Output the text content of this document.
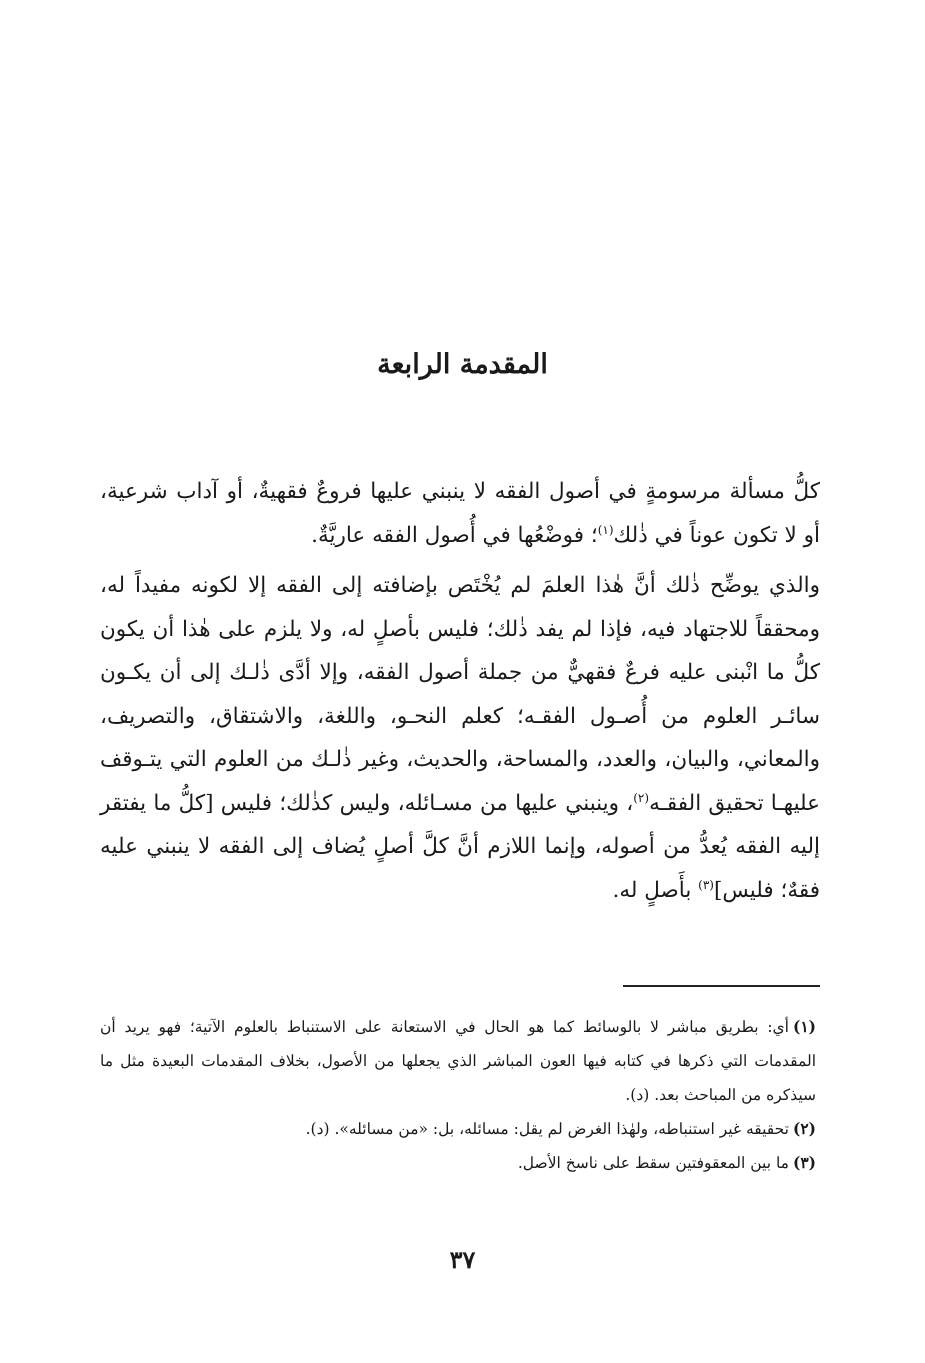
المقدمة الرابعة

كلُّ مسألة مرسومةٍ في أصول الفقه لا ينبني عليها فروعٌ فقهيةٌ، أو آداب شرعية، أو لا تكون عوناً في ذٰلك$^{(١)}$؛ فوضْعُها في أُصول الفقه عاريَّةٌ.

والذي يوضِّح ذٰلك أنَّ هٰذا العلمَ لم يُخْتَص بإضافته إلى الفقه إلا لكونه مفيداً له، ومحققاً للاجتهاد فيه، فإذا لم يفد ذٰلك؛ فليس بأصلٍ له، ولا يلزم على هٰذا أن يكون كلُّ ما انْبنى عليه فرعٌ فقهيٌّ من جملة أصول الفقه، وإلا أدَّى ذٰلـك إلى أن يكـون سائـر العلوم من أُصـول الفقـه؛ كعلم النحـو، واللغة، والاشتقاق، والتصريف، والمعاني، والبيان، والعدد، والمساحة، والحديث، وغير ذٰلـك من العلوم التي يتـوقف عليهـا تحقيق الفقـه$^{(٢)}$، وينبني عليها من مسـائله، وليس كذٰلك؛ فليس [كلُّ ما يفتقر إليه الفقه يُعدُّ من أصوله، وإنما اللازم أنَّ كلَّ أصلٍ يُضاف إلى الفقه لا ينبني عليه فقهٌ؛ فليس]$^{(٣)}$ بأَصلٍ له.

(١)أي: بطريق مباشر لا بالوسائط كما هو الحال في الاستعانة على الاستنباط بالعلوم الآتية؛ فهو يريد أن المقدمات التي ذكرها في كتابه فيها العون المباشر الذي يجعلها من الأصول، بخلاف المقدمات البعيدة مثل ما سيذكره من المباحث بعد. (د).

(٢)تحقيقه غير استنباطه، ولهٰذا الغرض لم يقل: مسائله، بل: «من مسائله». (د).

(٣)ما بين المعقوفتين سقط على ناسخ الأصل.

٣٧
